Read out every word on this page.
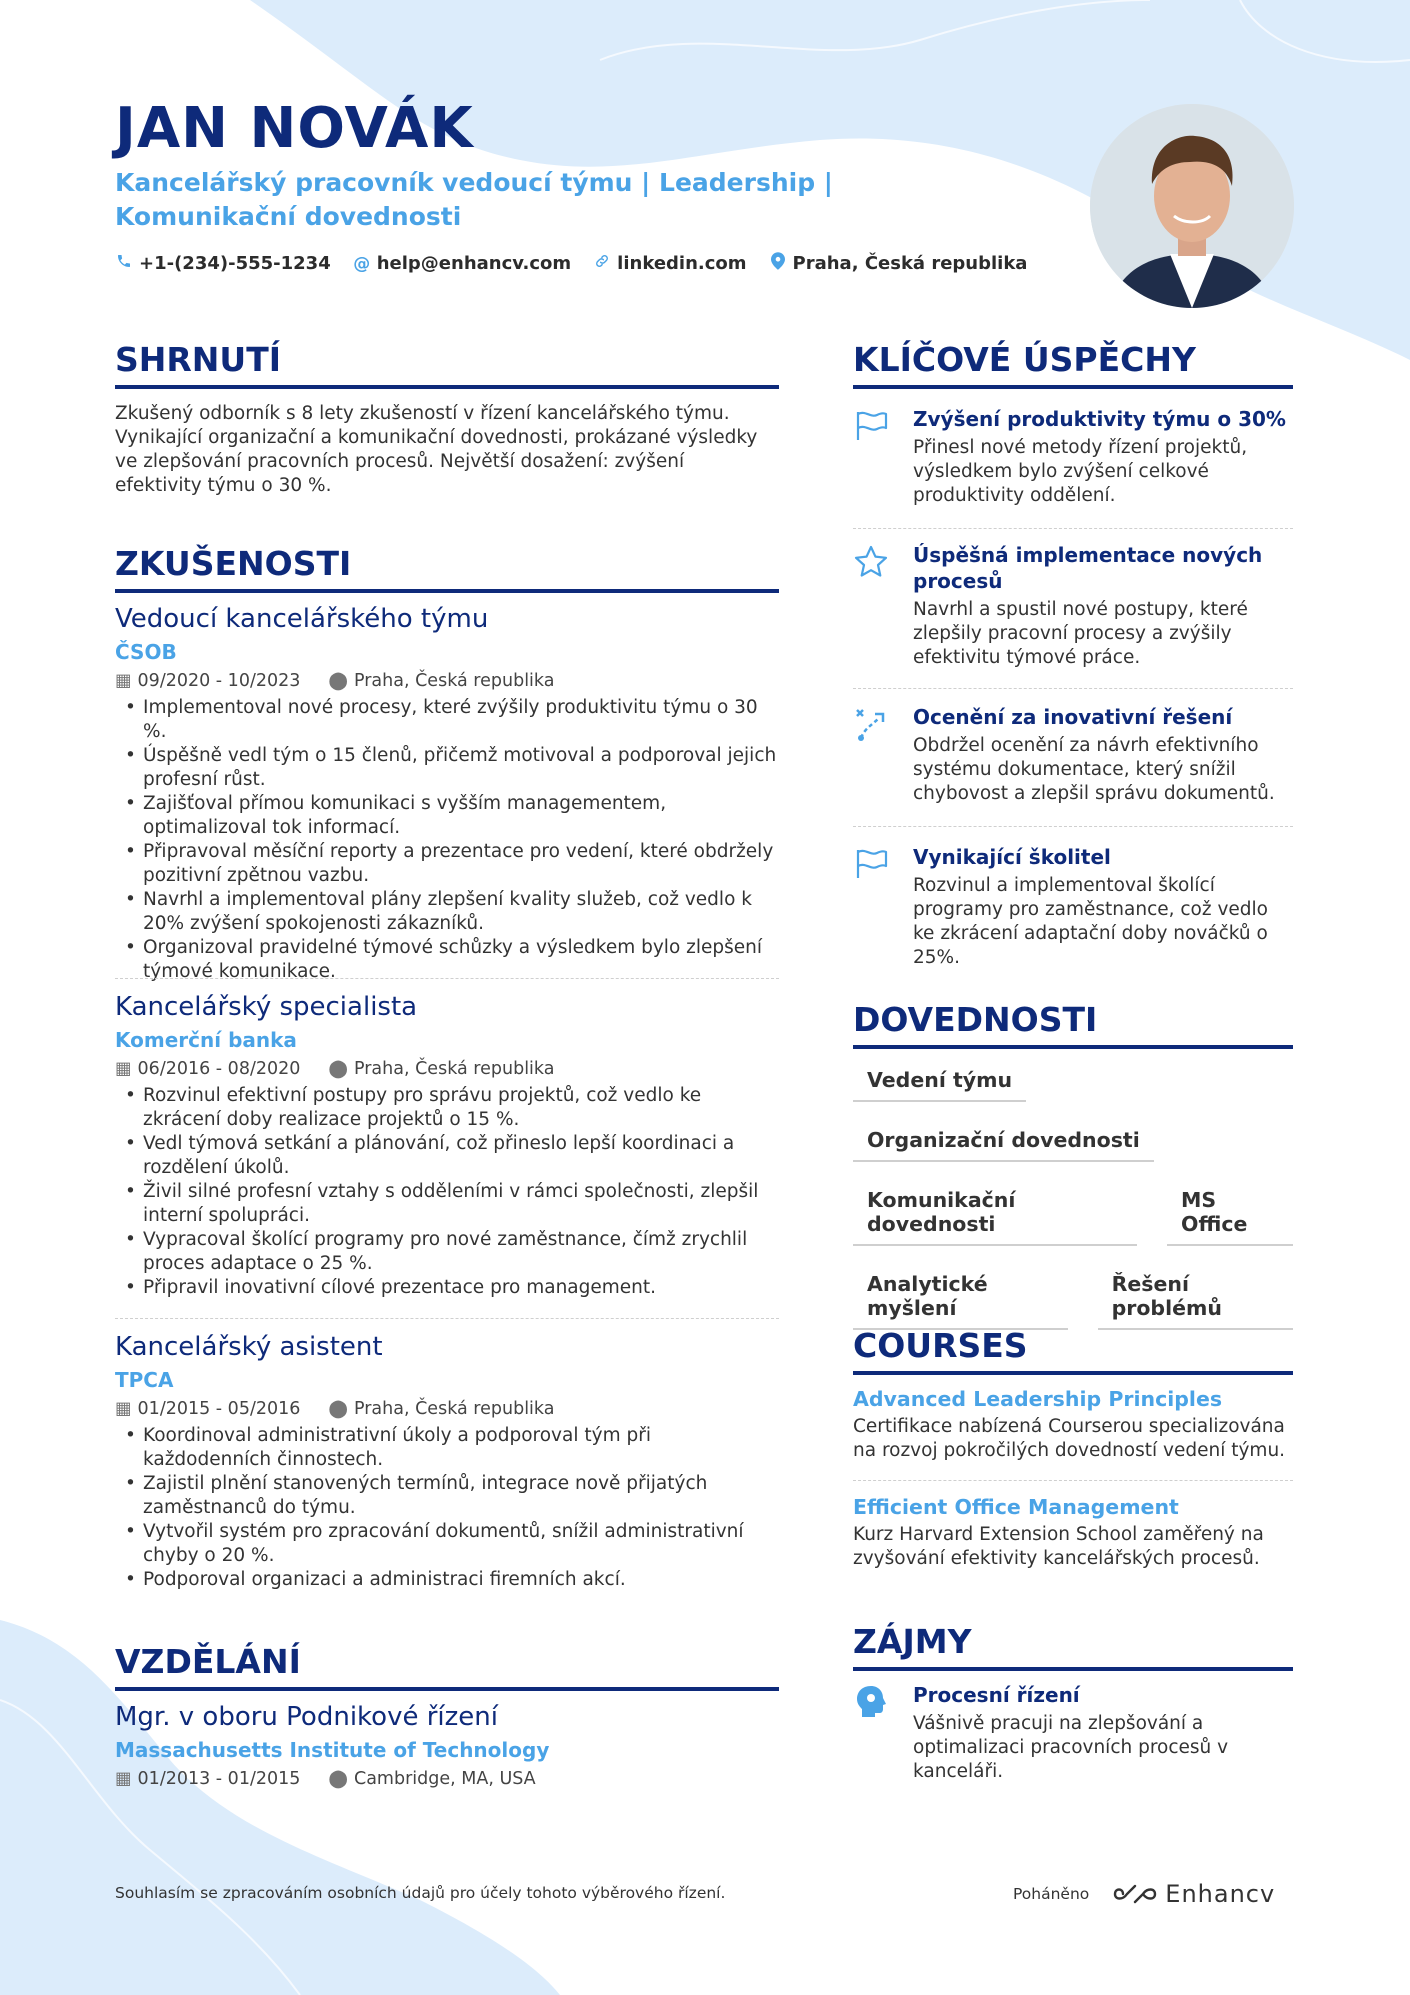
JAN NOVÁK
Kancelářský pracovník vedoucí týmu | Leadership | Komunikační dovednosti
+1-(234)-555-1234 @ help@enhancv.com	linkedin.com	Praha, Česká republika
SHRNUTÍ
Zkušený odborník s 8 lety zkušeností v řízení kancelářského týmu. Vynikající organizační a komunikační dovednosti, prokázané výsledky ve zlepšování pracovních procesů. Největší dosažení: zvýšení efektivity týmu o 30 %.
ZKUŠENOSTI
Vedoucí kancelářského týmu
ČSOB
▦ 09/2020 - 10/2023 ⬤ Praha, Česká republika
• Implementoval nové procesy, které zvýšily produktivitu týmu o 30 %.
• Úspěšně vedl tým o 15 členů, přičemž motivoval a podporoval jejich profesní růst.
• Zajišťoval přímou komunikaci s vyšším managementem, optimalizoval tok informací.
• Připravoval měsíční reporty a prezentace pro vedení, které obdržely pozitivní zpětnou vazbu.
• Navrhl a implementoval plány zlepšení kvality služeb, což vedlo k 20% zvýšení spokojenosti zákazníků.
• Organizoval pravidelné týmové schůzky a výsledkem bylo zlepšení týmové komunikace.
Kancelářský specialista
Komerční banka
▦ 06/2016 - 08/2020 ⬤ Praha, Česká republika
• Rozvinul efektivní postupy pro správu projektů, což vedlo ke zkrácení doby realizace projektů o 15 %.
• Vedl týmová setkání a plánování, což přineslo lepší koordinaci a rozdělení úkolů.
• Živil silné profesní vztahy s odděleními v rámci společnosti, zlepšil interní spolupráci.
• Vypracoval školící programy pro nové zaměstnance, čímž zrychlil proces adaptace o 25 %.
• Připravil inovativní cílové prezentace pro management.
Kancelářský asistent
TPCA
▦ 01/2015 - 05/2016 ⬤ Praha, Česká republika
• Koordinoval administrativní úkoly a podporoval tým při každodenních činnostech.
• Zajistil plnění stanovených termínů, integrace nově přijatých zaměstnanců do týmu.
• Vytvořil systém pro zpracování dokumentů, snížil administrativní chyby o 20 %.
• Podporoval organizaci a administraci firemních akcí.
VZDĚLÁNÍ
Mgr. v oboru Podnikové řízení
Massachusetts Institute of Technology
▦ 01/2013 - 01/2015 ⬤ Cambridge, MA, USA
KLÍČOVÉ ÚSPĚCHY
Zvýšení produktivity týmu o 30%
Přinesl nové metody řízení projektů, výsledkem bylo zvýšení celkové produktivity oddělení.
Úspěšná implementace nových procesů
Navrhl a spustil nové postupy, které zlepšily pracovní procesy a zvýšily efektivitu týmové práce.
Ocenění za inovativní řešení
Obdržel ocenění za návrh efektivního systému dokumentace, který snížil chybovost a zlepšil správu dokumentů.
Vynikající školitel
Rozvinul a implementoval školící programy pro zaměstnance, což vedlo ke zkrácení adaptační doby nováčků o 25%.
DOVEDNOSTI
Vedení týmu
Organizační dovednosti
Komunikační dovednosti
MS Office
Analytické myšlení
Řešení problémů
COURSES
Advanced Leadership Principles
Certifikace nabízená Courserou specializována na rozvoj pokročilých dovedností vedení týmu.
Efficient Office Management
Kurz Harvard Extension School zaměřený na zvyšování efektivity kancelářských procesů.
ZÁJMY
Procesní řízení
Vášnivě pracuji na zlepšování a optimalizaci pracovních procesů v kanceláři.
Souhlasím se zpracováním osobních údajů pro účely tohoto výběrového řízení.	Poháněno	Enhancv
